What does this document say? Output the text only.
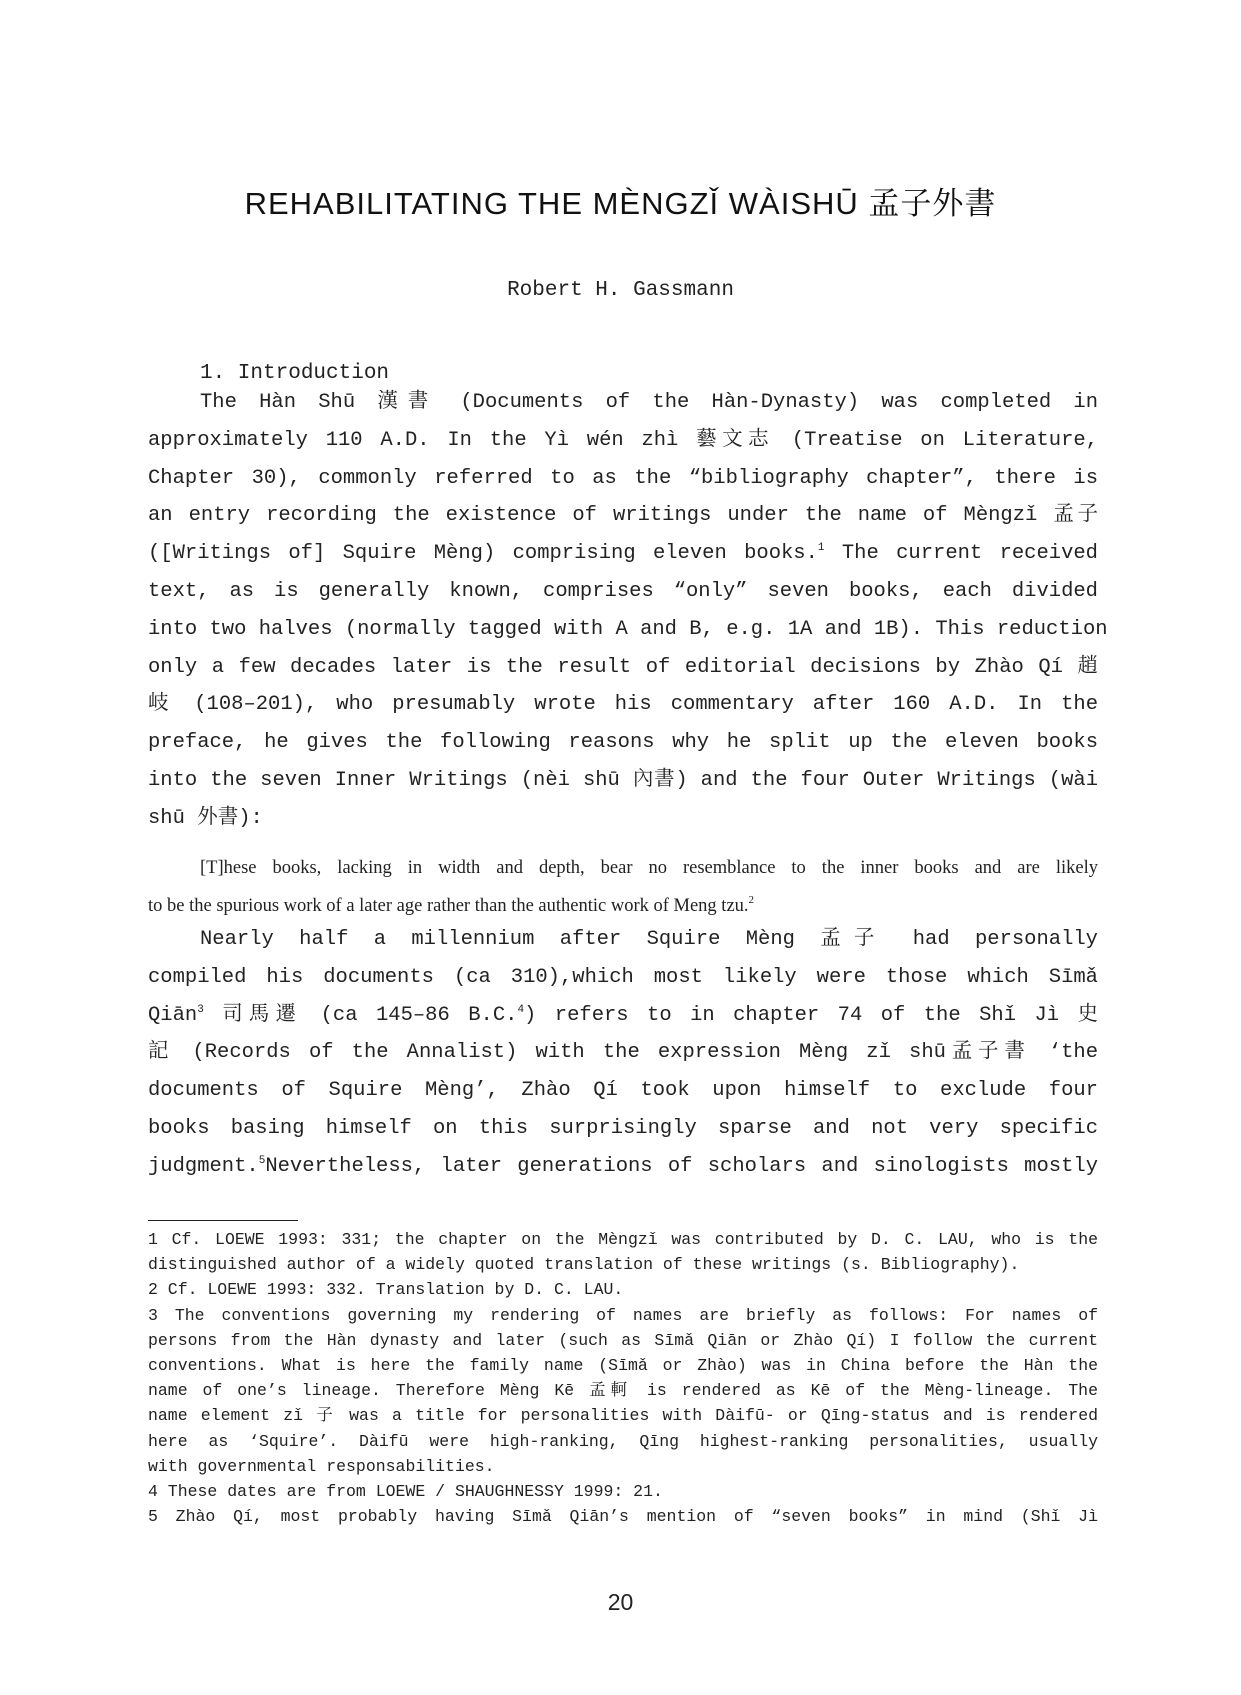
REHABILITATING THE MÈNGZǏ WÀISHŪ 孟子外書
Robert H. Gassmann
1. Introduction
The Hàn Shū 漢書 (Documents of the Hàn-Dynasty) was completed in
approximately 110 A.D. In the Yì wén zhì 藝文志 (Treatise on Literature,
Chapter 30), commonly referred to as the “bibliography chapter”, there is
an entry recording the existence of writings under the name of Mèngzǐ 孟子
([Writings of] Squire Mèng) comprising eleven books.$^1$ The current received
text, as is generally known, comprises “only” seven books, each divided
into two halves (normally tagged with A and B, e.g. 1A and 1B). This reduction
only a few decades later is the result of editorial decisions by Zhào Qí 趙
岐 (108–201), who presumably wrote his commentary after 160 A.D. In the
preface, he gives the following reasons why he split up the eleven books
into the seven Inner Writings (nèi shū 內書) and the four Outer Writings (wài
shū 外書):
[T]hese books, lacking in width and depth, bear no resemblance to the inner books and are likely
to be the spurious work of a later age rather than the authentic work of Meng tzu.$^2$
Nearly half a millennium after Squire Mèng 孟子 had personally
compiled his documents (ca 310),which most likely were those which Sīmǎ
Qiān$^3$ 司馬遷 (ca 145–86 B.C.$^4$) refers to in chapter 74 of the Shǐ Jì 史
記 (Records of the Annalist) with the expression Mèng zǐ shū孟子書 ‘the
documents of Squire Mèng’, Zhào Qí took upon himself to exclude four
books basing himself on this surprisingly sparse and not very specific
judgment.$^5$Nevertheless, later generations of scholars and sinologists mostly
1 Cf. LOEWE 1993: 331; the chapter on the Mèngzǐ was contributed by D. C. LAU, who is the
distinguished author of a widely quoted translation of these writings (s. Bibliography).
2 Cf. LOEWE 1993: 332. Translation by D. C. LAU.
3 The conventions governing my rendering of names are briefly as follows: For names of
persons from the Hàn dynasty and later (such as Sīmǎ Qiān or Zhào Qí) I follow the current
conventions. What is here the family name (Sīmǎ or Zhào) was in China before the Hàn the
name of one’s lineage. Therefore Mèng Kē 孟軻 is rendered as Kē of the Mèng-lineage. The
name element zǐ 子 was a title for personalities with Dàifū- or Qīng-status and is rendered
here as ‘Squire’. Dàifū were high-ranking, Qīng highest-ranking personalities, usually
with governmental responsabilities.
4 These dates are from LOEWE / SHAUGHNESSY 1999: 21.
5 Zhào Qí, most probably having Sīmǎ Qiān’s mention of “seven books” in mind (Shǐ Jì
20
